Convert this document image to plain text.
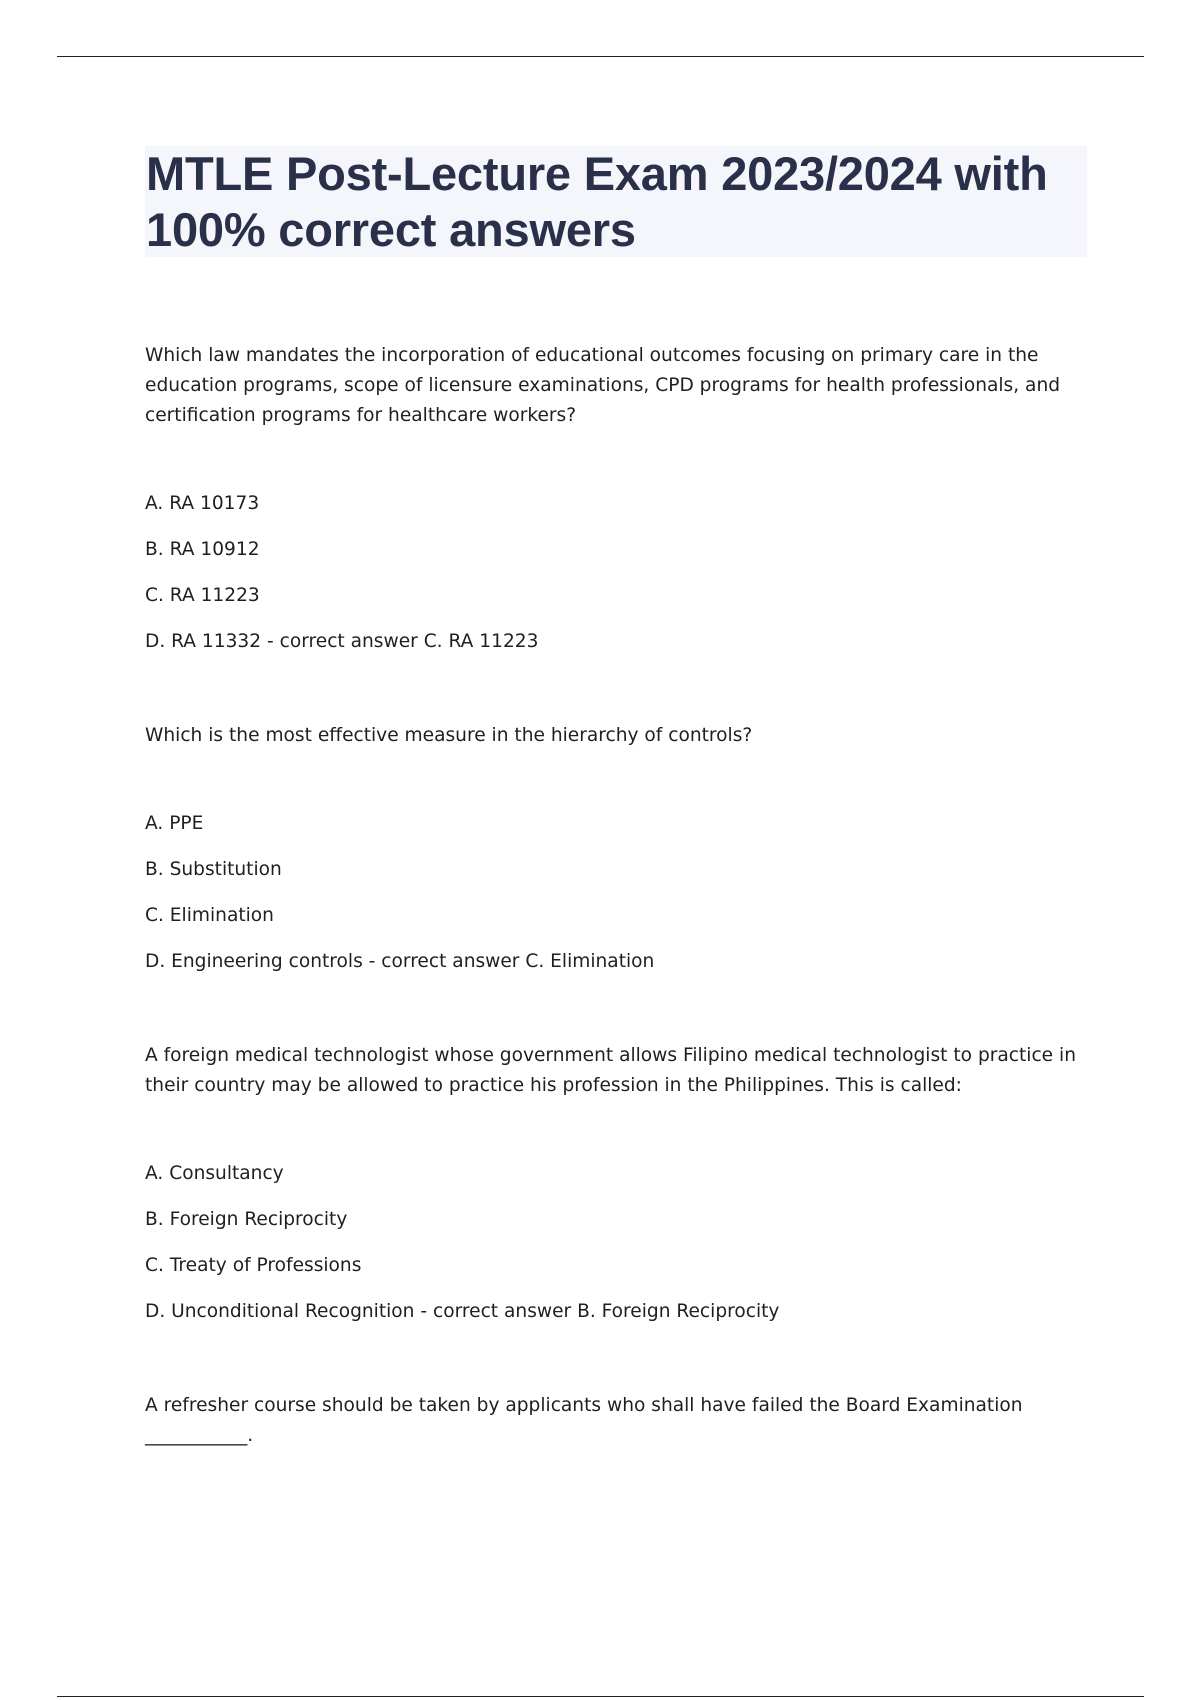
MTLE Post-Lecture Exam 2023/2024 with 100% correct answers

Which law mandates the incorporation of educational outcomes focusing on primary care in the education programs, scope of licensure examinations, CPD programs for health professionals, and certification programs for healthcare workers?

A. RA 10173
B. RA 10912
C. RA 11223
D. RA 11332 - correct answer C. RA 11223

Which is the most effective measure in the hierarchy of controls?

A. PPE
B. Substitution
C. Elimination
D. Engineering controls - correct answer C. Elimination

A foreign medical technologist whose government allows Filipino medical technologist to practice in their country may be allowed to practice his profession in the Philippines. This is called:

A. Consultancy
B. Foreign Reciprocity
C. Treaty of Professions
D. Unconditional Recognition - correct answer B. Foreign Reciprocity

A refresher course should be taken by applicants who shall have failed the Board Examination
___________.
